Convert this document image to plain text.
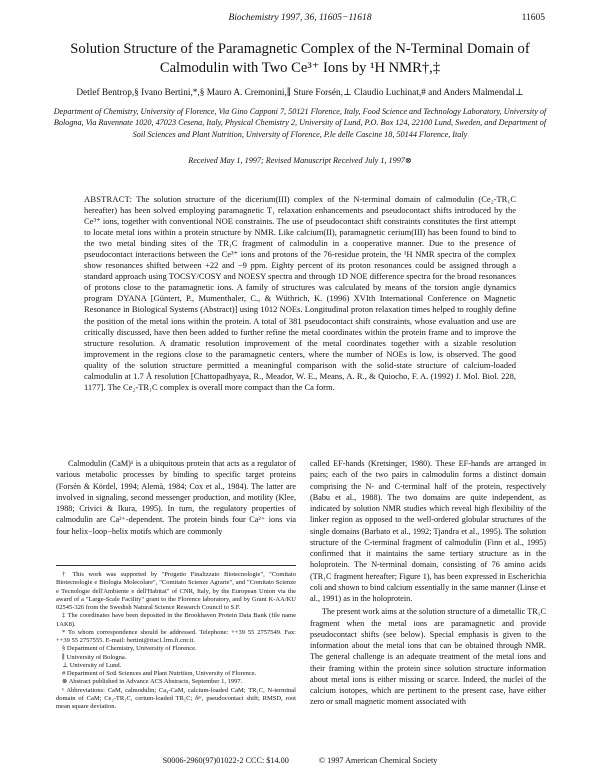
Biochemistry 1997, 36, 11605−11618	11605
Solution Structure of the Paramagnetic Complex of the N-Terminal Domain of Calmodulin with Two Ce³⁺ Ions by ¹H NMR†,‡
Detlef Bentrop,§ Ivano Bertini,*,§ Mauro A. Cremonini,∥ Sture Forsén,⊥ Claudio Luchinat,# and Anders Malmendal⊥
Department of Chemistry, University of Florence, Via Gino Capponi 7, 50121 Florence, Italy, Food Science and Technology Laboratory, University of Bologna, Via Ravennate 1020, 47023 Cesena, Italy, Physical Chemistry 2, University of Lund, P.O. Box 124, 22100 Lund, Sweden, and Department of Soil Sciences and Plant Nutrition, University of Florence, P.le delle Cascine 18, 50144 Florence, Italy
Received May 1, 1997; Revised Manuscript Received July 1, 1997⊗
ABSTRACT: The solution structure of the dicerium(III) complex of the N-terminal domain of calmodulin (Ce₂-TR₁C hereafter) has been solved employing paramagnetic T₁ relaxation enhancements and pseudocontact shifts introduced by the Ce³⁺ ions, together with conventional NOE constraints. The use of pseudocontact shift constraints constitutes the first attempt to locate metal ions within a protein structure by NMR. Like calcium(II), paramagnetic cerium(III) has been found to bind to the two metal binding sites of the TR₁C fragment of calmodulin in a cooperative manner. Due to the presence of pseudocontact interactions between the Ce³⁺ ions and protons of the 76-residue protein, the ¹H NMR spectra of the complex show resonances shifted between +22 and −9 ppm. Eighty percent of its proton resonances could be assigned through a standard approach using TOCSY/COSY and NOESY spectra and through 1D NOE difference spectra for the broad resonances of protons close to the paramagnetic ions. A family of structures was calculated by means of the torsion angle dynamics program DYANA [Güntert, P., Mumenthaler, C., & Wüthrich, K. (1996) XVIth International Conference on Magnetic Resonance in Biological Systems (Abstract)] using 1012 NOEs. Longitudinal proton relaxation times helped to roughly define the position of the metal ions within the protein. A total of 381 pseudocontact shift constraints, whose evaluation and use are critically discussed, have then been added to further refine the metal coordinates within the protein frame and to improve the structure resolution. A dramatic resolution improvement of the metal coordinates together with a sizable resolution improvement in the regions close to the paramagnetic centers, where the number of NOEs is low, is observed. The good quality of the solution structure permitted a meaningful comparison with the solid-state structure of calcium-loaded calmodulin at 1.7 Å resolution [Chattopadhyaya, R., Meador, W. E., Means, A. R., & Quiocho, F. A. (1992) J. Mol. Biol. 228, 1177]. The Ce₂-TR₁C complex is overall more compact than the Ca form.

Calmodulin (CaM)¹ is a ubiquitous protein that acts as a regulator of various metabolic processes by binding to specific target proteins (Forsén & Kördel, 1994; Alemà, 1984; Cox et al., 1984). The latter are involved in signaling, second messenger production, and motility (Klee, 1988; Crivici & Ikura, 1995). In turn, the regulatory properties of calmodulin are Ca²⁺-dependent. The protein binds four Ca²⁺ ions via four helix−loop−helix motifs which are commonly

† This work was supported by "Progetto Finalizzato Biotecnologie", "Comitato Biotecnologie e Biologia Molecolare", "Comitato Scienze Agrarie", and "Comitato Scienze e Tecnologie dell'Ambiente e dell'Habitat" of CNR, Italy, by the European Union via the award of a "Large-Scale Facility" grant to the Florence laboratory, and by Grant K-AA/KU 02545-326 from the Swedish Natural Science Research Council to S.F.
‡ The coordinates have been deposited in the Brookhaven Protein Data Bank (file name 1AK8).
* To whom correspondence should be addressed. Telephone: ++39 55 2757549. Fax: ++39 55 2757555. E-mail: bertini@risc1.lrm.fi.cnr.it.
§ Department of Chemistry, University of Florence.
∥ University of Bologna.
⊥ University of Lund.
# Department of Soil Sciences and Plant Nutrition, University of Florence.
⊗ Abstract published in Advance ACS Abstracts, September 1, 1997.
¹ Abbreviations: CaM, calmodulin; Ca₄-CaM, calcium-loaded CaM; TR₁C, N-terminal domain of CaM; Ce₂-TR₁C, cerium-loaded TR₁C; δᵖᶜ, pseudocontact shift; RMSD, root mean square deviation.

called EF-hands (Kretsinger, 1980). These EF-hands are arranged in pairs; each of the two pairs in calmodulin forms a distinct domain comprising the N- and C-terminal half of the protein, respectively (Babu et al., 1988). The two domains are quite independent, as indicated by solution NMR studies which reveal high flexibility of the linker region as opposed to the well-ordered globular structures of the single domains (Barbato et al., 1992; Tjandra et al., 1995). The solution structure of the C-terminal fragment of calmodulin (Finn et al., 1995) confirmed that it maintains the same tertiary structure as in the holoprotein. The N-terminal domain, consisting of 76 amino acids (TR₁C fragment hereafter; Figure 1), has been expressed in Escherichia coli and shown to bind calcium essentially in the same manner (Linse et al., 1991) as in the holoprotein.

The present work aims at the solution structure of a dimetallic TR₁C fragment when the metal ions are paramagnetic and provide pseudocontact shifts (see below). Special emphasis is given to the information about the metal ions that can be obtained through NMR. The general challenge is an adequate treatment of the metal ions and their framing within the protein since solution structure information about metal ions is either missing or scarce. Indeed, the nuclei of the calcium isotopes, which are pertinent to the present case, have either zero or small magnetic moment associated with

S0006-2960(97)01022-2 CCC: $14.00	© 1997 American Chemical Society
